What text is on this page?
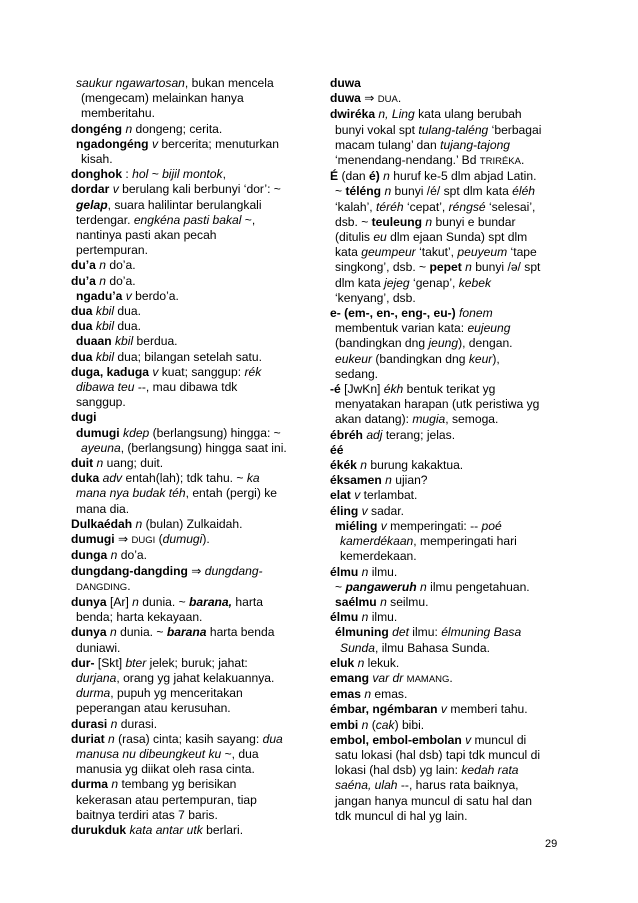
saukur ngawartosan, bukan mencela
(mengecam) melainkan hanya
memberitahu.
dongéng n dongeng; cerita.
ngadongéng v bercerita; menuturkan
kisah.
donghok : hol ~ bijil montok,
dordar v berulang kali berbunyi ‘dor’: ~
gelap, suara halilintar berulangkali
terdengar. engkéna pasti bakal ~,
nantinya pasti akan pecah
pertempuran.
du’a n do’a.
du’a n do’a.
ngadu’a v berdo’a.
dua kbil dua.
dua kbil dua.
duaan kbil berdua.
dua kbil dua; bilangan setelah satu.
duga, kaduga v kuat; sanggup: rék
dibawa teu --, mau dibawa tdk
sanggup.
dugi
dumugi kdep (berlangsung) hingga: ~
ayeuna, (berlangsung) hingga saat ini.
duit n uang; duit.
duka adv entah(lah); tdk tahu. ~ ka
mana nya budak téh, entah (pergi) ke
mana dia.
Dulkaédah n (bulan) Zulkaidah.
dumugi ⇒ DUGI (dumugi).
dunga n do’a.
dungdang-dangding ⇒ dungdang-
DANGDING.
dunya [Ar] n dunia. ~ barana, harta
benda; harta kekayaan.
dunya n dunia. ~ barana harta benda
duniawi.
dur- [Skt] bter jelek; buruk; jahat:
durjana, orang yg jahat kelakuannya.
durma, pupuh yg menceritakan
peperangan atau kerusuhan.
durasi n durasi.
duriat n (rasa) cinta; kasih sayang: dua
manusa nu dibeungkeut ku ~, dua
manusia yg diikat oleh rasa cinta.
durma n tembang yg berisikan
kekerasan atau pertempuran, tiap
baitnya terdiri atas 7 baris.
durukduk kata antar utk berlari.
duwa
duwa ⇒ DUA.
dwiréka n, Ling kata ulang berubah
bunyi vokal spt tulang-taléng ‘berbagai
macam tulang’ dan tujang-tajong
‘menendang-nendang.’ Bd TRIRÉKA.
É (dan é) n huruf ke-5 dlm abjad Latin.
~ téléng n bunyi /é/ spt dlm kata éléh
‘kalah’, téréh ‘cepat’, réngsé ‘selesai’,
dsb. ~ teuleung n bunyi e bundar
(ditulis eu dlm ejaan Sunda) spt dlm
kata geumpeur ‘takut’, peuyeum ‘tape
singkong’, dsb. ~ pepet n bunyi /ə/ spt
dlm kata jejeg ‘genap’, kebek
‘kenyang’, dsb.
e- (em-, en-, eng-, eu-) fonem
membentuk varian kata: eujeung
(bandingkan dng jeung), dengan.
eukeur (bandingkan dng keur),
sedang.
-é [JwKn] ékh bentuk terikat yg
menyatakan harapan (utk peristiwa yg
akan datang): mugia, semoga.
ébréh adj terang; jelas.
éé
ékék n burung kakaktua.
éksamen n ujian?
elat v terlambat.
éling v sadar.
miéling v memperingati: -- poé
kamerdékaan, memperingati hari
kemerdekaan.
élmu n ilmu.
~ pangaweruh n ilmu pengetahuan.
saélmu n seilmu.
élmu n ilmu.
élmuning det ilmu: élmuning Basa
Sunda, ilmu Bahasa Sunda.
eluk n lekuk.
emang var dr MAMANG.
emas n emas.
émbar, ngémbaran v memberi tahu.
embi n (cak) bibi.
embol, embol-embolan v muncul di
satu lokasi (hal dsb) tapi tdk muncul di
lokasi (hal dsb) yg lain: kedah rata
saéna, ulah --, harus rata baiknya,
jangan hanya muncul di satu hal dan
tdk muncul di hal yg lain.
29
